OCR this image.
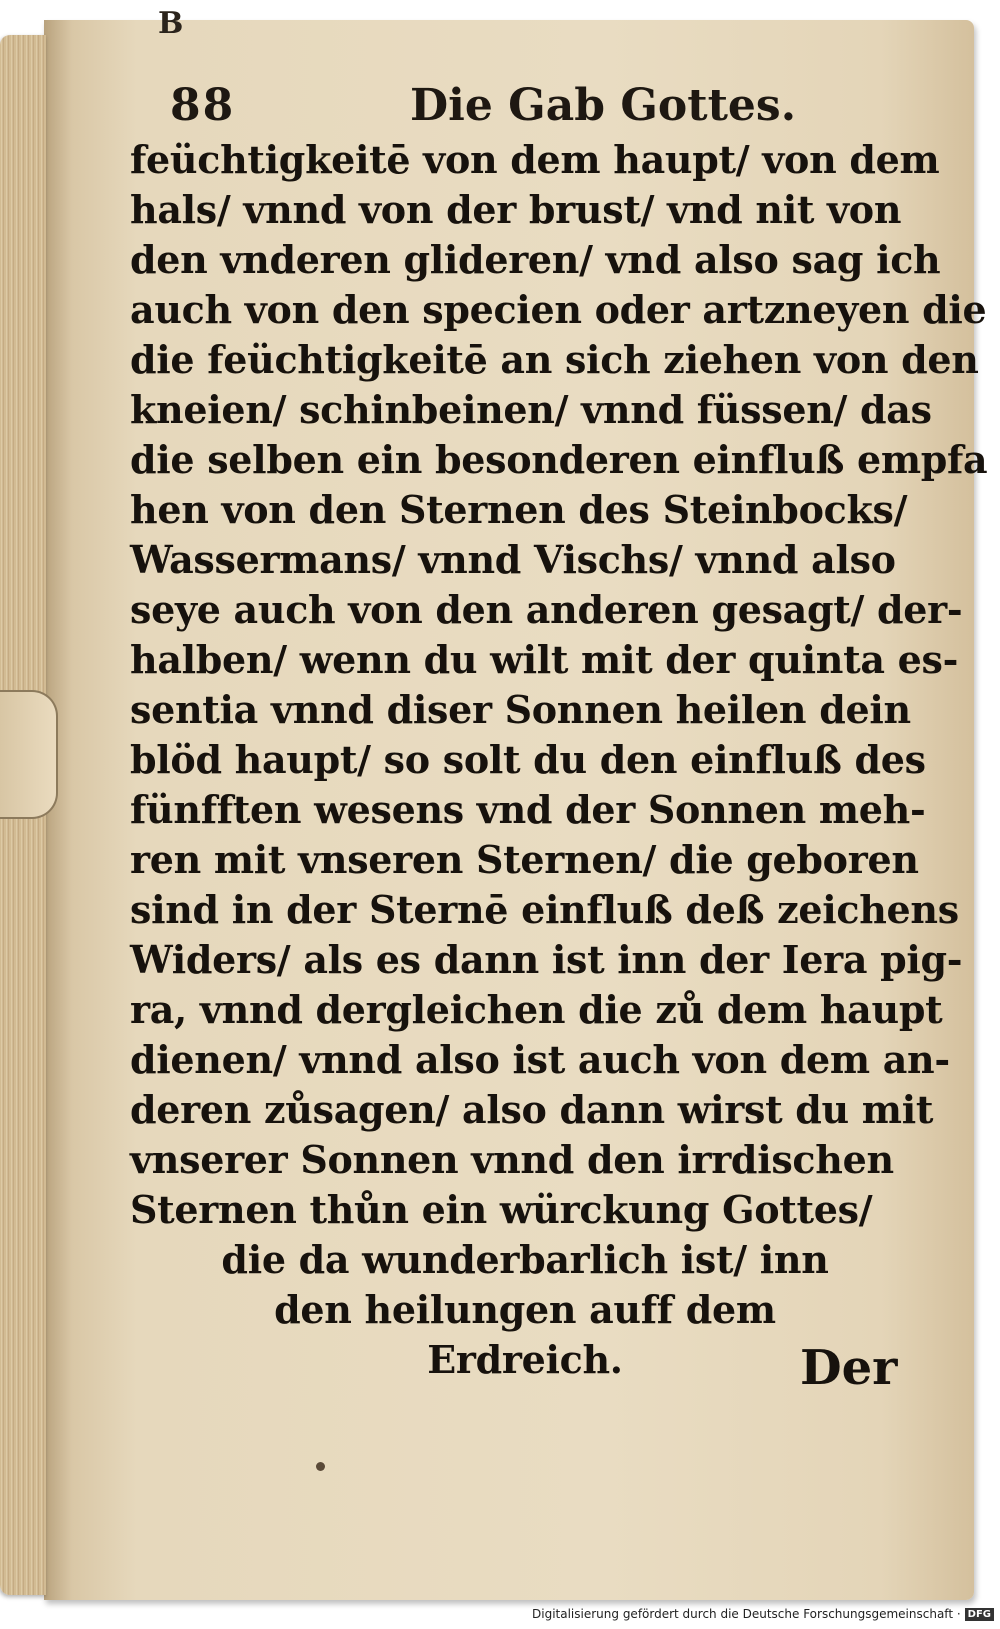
B
88	Die Gab Gottes.
feüchtigkeitē von dem haupt/ von dem
hals/ vnnd von der brust/ vnd nit von
den vnderen glideren/ vnd also sag ich
auch von den specien oder artzneyen die
die feüchtigkeitē an sich ziehen von den
kneien/ schinbeinen/ vnnd füssen/ das
die selben ein besonderen einfluß empfa
hen von den Sternen des Steinbocks/
Wassermans/ vnnd Vischs/ vnnd also
seye auch von den anderen gesagt/ der-
halben/ wenn du wilt mit der quinta es-
sentia vnnd diser Sonnen heilen dein
blöd haupt/ so solt du den einfluß des
fünfften wesens vnd der Sonnen meh-
ren mit vnseren Sternen/ die geboren
sind in der Sternē einfluß deß zeichens
Widers/ als es dann ist inn der Iera pig-
ra, vnnd dergleichen die zů dem haupt
dienen/ vnnd also ist auch von dem an-
deren zůsagen/ also dann wirst du mit
vnserer Sonnen vnnd den irrdischen
Sternen thůn ein würckung Gottes/
die da wunderbarlich ist/ inn
den heilungen auff dem
Erdreich.	Der
Digitalisierung gefördert durch die Deutsche Forschungsgemeinschaft · DFG
